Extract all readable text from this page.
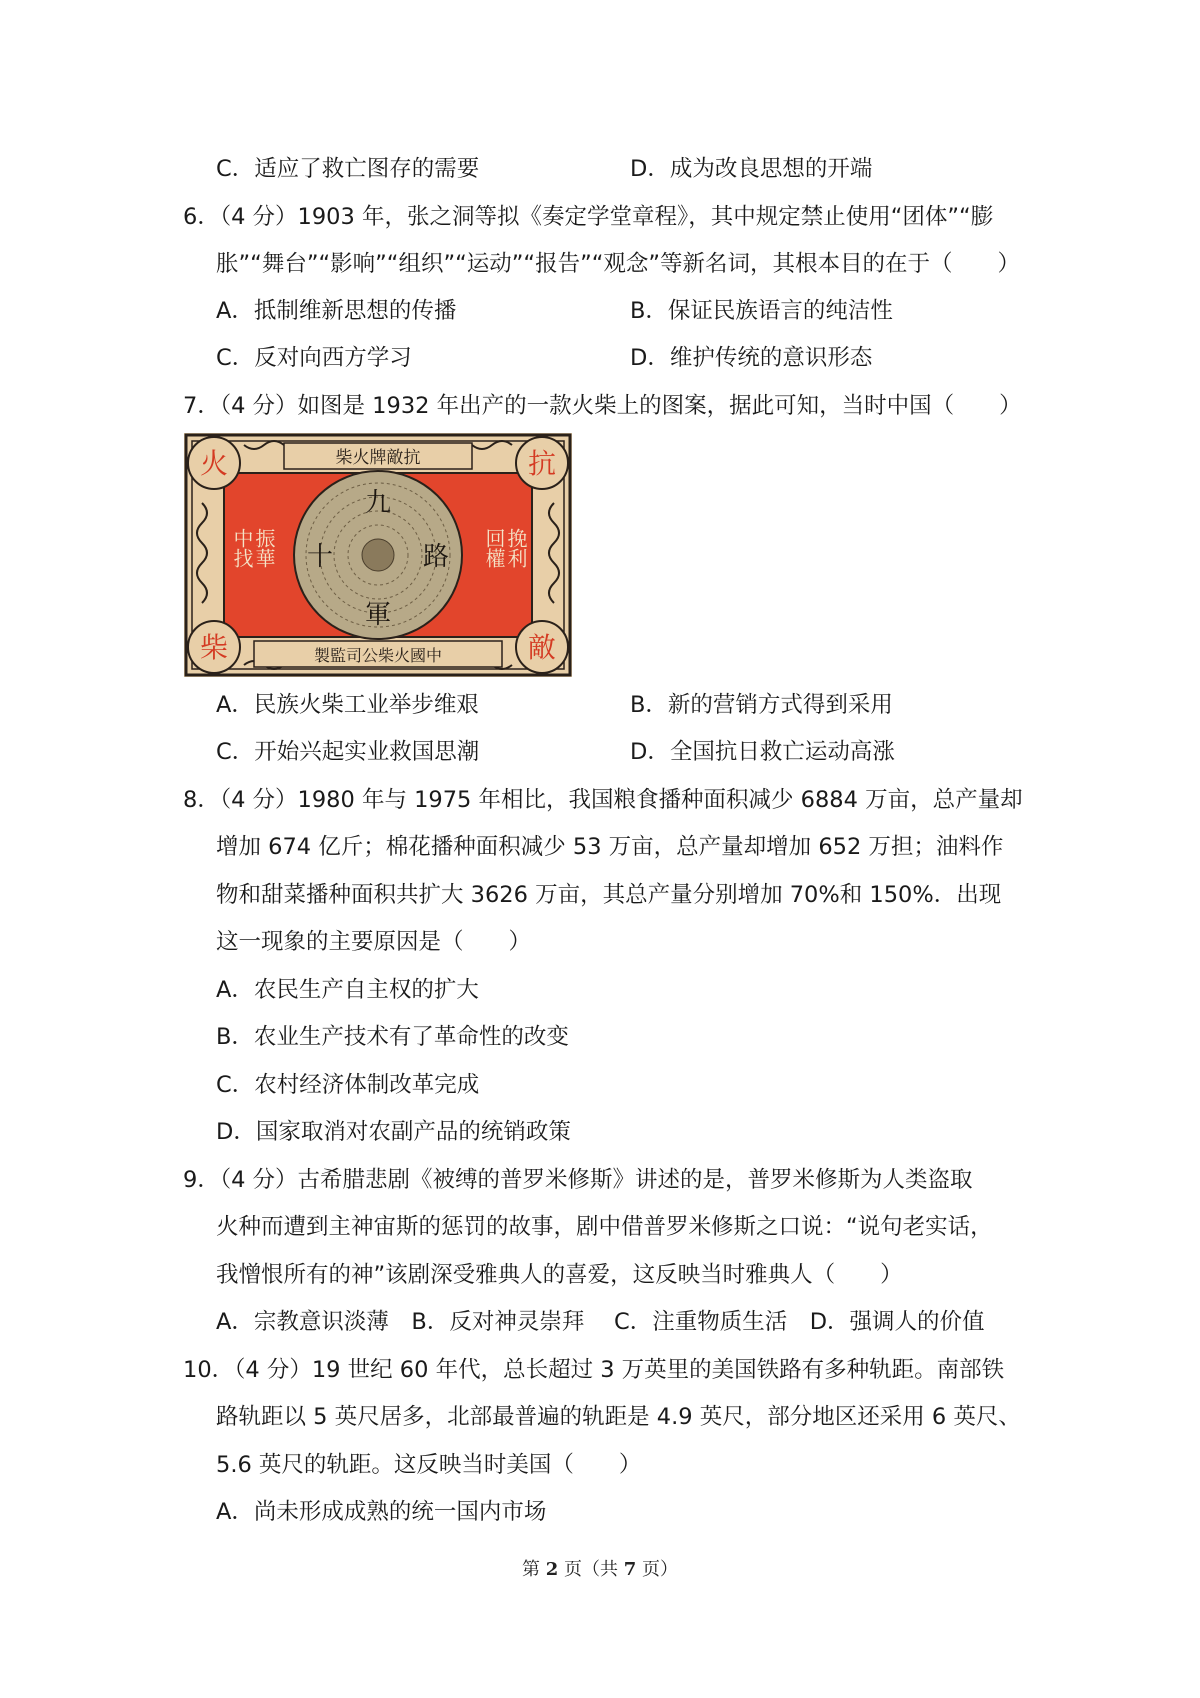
C．适应了救亡图存的需要	D．成为改良思想的开端
6．（4 分）1903 年，张之洞等拟《奏定学堂章程》，其中规定禁止使用“团体”“膨
胀”“舞台”“影响”“组织”“运动”“报告”“观念”等新名词，其根本目的在于（　　）
A．抵制维新思想的传播	B．保证民族语言的纯洁性
C．反对向西方学习	D．维护传统的意识形态
7．（4 分）如图是 1932 年出产的一款火柴上的图案，据此可知，当时中国（　　）
柴火牌敵抗
製監司公柴火國中
火	抗
柴	敵
振華
中找	挽利
回權
九
十	路
軍
A．民族火柴工业举步维艰	B．新的营销方式得到采用
C．开始兴起实业救国思潮	D．全国抗日救亡运动高涨
8．（4 分）1980 年与 1975 年相比，我国粮食播种面积减少 6884 万亩，总产量却
增加 674 亿斤；棉花播种面积减少 53 万亩，总产量却增加 652 万担；油料作
物和甜菜播种面积共扩大 3626 万亩，其总产量分别增加 70%和 150%．出现
这一现象的主要原因是（　　）
A．农民生产自主权的扩大
B．农业生产技术有了革命性的改变
C．农村经济体制改革完成
D．国家取消对农副产品的统销政策
9．（4 分）古希腊悲剧《被缚的普罗米修斯》讲述的是，普罗米修斯为人类盗取
火种而遭到主神宙斯的惩罚的故事，剧中借普罗米修斯之口说：“说句老实话，
我憎恨所有的神”该剧深受雅典人的喜爱，这反映当时雅典人（　　）
A．宗教意识淡薄　B．反对神灵崇拜　 C．注重物质生活　D．强调人的价值
10．（4 分）19 世纪 60 年代，总长超过 3 万英里的美国铁路有多种轨距。南部铁
路轨距以 5 英尺居多，北部最普遍的轨距是 4.9 英尺，部分地区还采用 6 英尺、
5.6 英尺的轨距。这反映当时美国（　　）
A．尚未形成成熟的统一国内市场
第 2 页（共 7 页）
